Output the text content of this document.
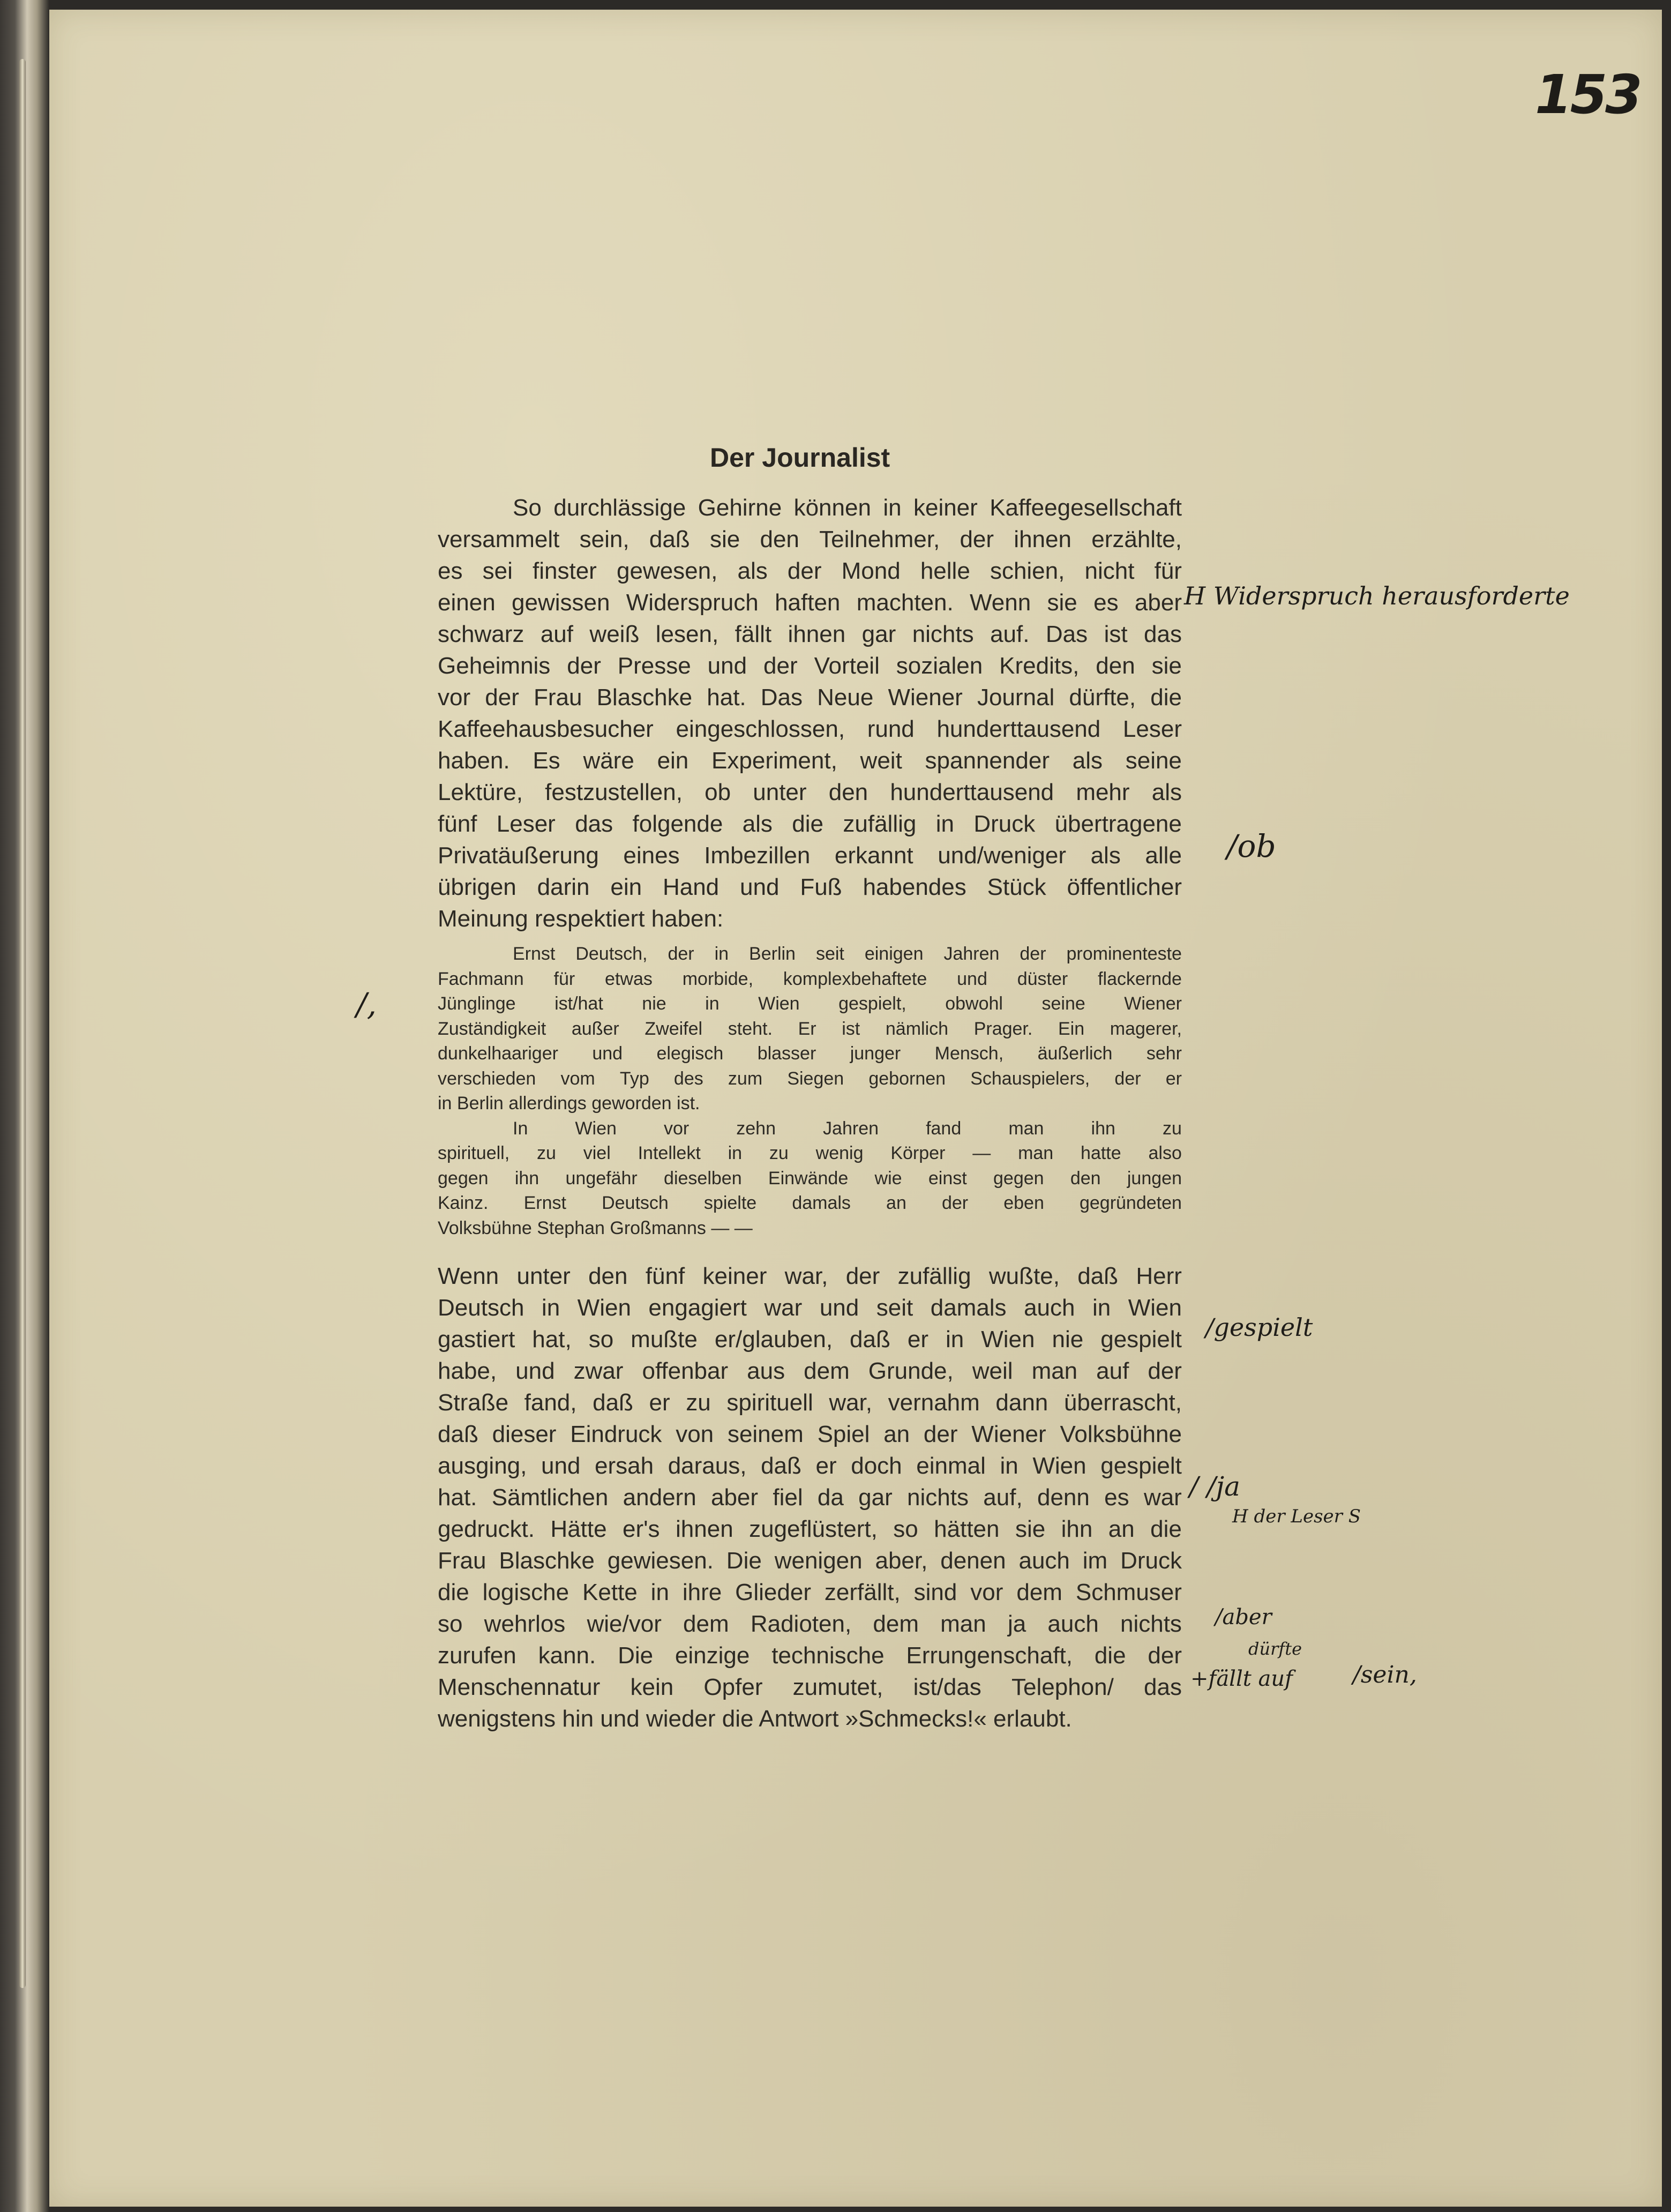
153
Der Journalist
So durchlässige Gehirne können in keiner Kaffeegesellschaft
versammelt sein, daß sie den Teilnehmer, der ihnen erzählte,
es sei finster gewesen, als der Mond helle schien, nicht für
einen gewissen Widerspruch haften machten. Wenn sie es aber
schwarz auf weiß lesen, fällt ihnen gar nichts auf. Das ist das
Geheimnis der Presse und der Vorteil sozialen Kredits, den sie
vor der Frau Blaschke hat. Das Neue Wiener Journal dürfte, die
Kaffeehausbesucher eingeschlossen, rund hunderttausend Leser
haben. Es wäre ein Experiment, weit spannender als seine
Lektüre, festzustellen, ob unter den hunderttausend mehr als
fünf Leser das folgende als die zufällig in Druck übertragene
Privatäußerung eines Imbezillen erkannt und/weniger als alle
übrigen darin ein Hand und Fuß habendes Stück öffentlicher
Meinung respektiert haben:
Ernst Deutsch, der in Berlin seit einigen Jahren der prominenteste
Fachmann für etwas morbide, komplexbehaftete und düster flackernde
Jünglinge ist/hat nie in Wien gespielt, obwohl seine Wiener
Zuständigkeit außer Zweifel steht. Er ist nämlich Prager. Ein magerer,
dunkelhaariger und elegisch blasser junger Mensch, äußerlich sehr
verschieden vom Typ des zum Siegen gebornen Schauspielers, der er
in Berlin allerdings geworden ist.
In	Wien	vor	zehn	Jahren	fand	man	ihn	zu
spirituell, zu viel Intellekt in zu wenig Körper — man hatte also
gegen ihn ungefähr dieselben Einwände wie einst gegen den jungen
Kainz. Ernst Deutsch spielte damals an der eben gegründeten
Volksbühne Stephan Großmanns — —
Wenn unter den fünf keiner war, der zufällig wußte, daß Herr
Deutsch in Wien engagiert war und seit damals auch in Wien
gastiert hat, so mußte er/glauben, daß er in Wien nie gespielt
habe, und zwar offenbar aus dem Grunde, weil man auf der
Straße fand, daß er zu spirituell war, vernahm dann überrascht,
daß dieser Eindruck von seinem Spiel an der Wiener Volksbühne
ausging, und ersah daraus, daß er doch einmal in Wien gespielt
hat. Sämtlichen andern aber fiel da gar nichts auf, denn es war
gedruckt. Hätte er's ihnen zugeflüstert, so hätten sie ihn an die
Frau Blaschke gewiesen. Die wenigen aber, denen auch im Druck
die logische Kette in ihre Glieder zerfällt, sind vor dem Schmuser
so wehrlos wie/vor dem Radioten, dem man ja auch nichts
zurufen kann. Die einzige technische Errungenschaft, die der
Menschennatur kein Opfer zumutet, ist/das Telephon/ das
wenigstens hin und wieder die Antwort »Schmecks!« erlaubt.
H Widerspruch herausforderte
/ob
/,
/gespielt
/ /ja
H der Leser S
/aber
dürfte
+fällt auf	/sein,
